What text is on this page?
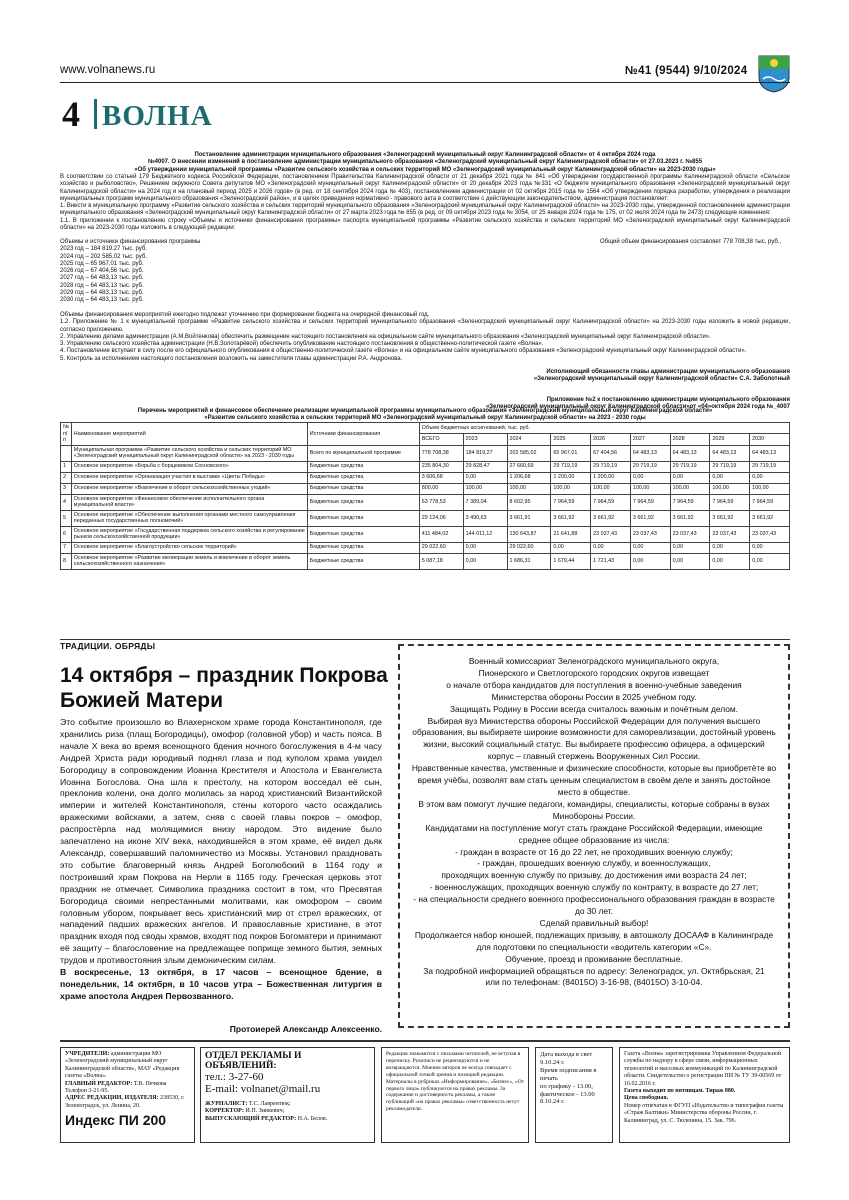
www.volnanews.ru	№41 (9544) 9/10/2024
4 ВОЛНА
Постановление администрации муниципального образования «Зеленоградский муниципальный округ Калининградской области» от 4 октября 2024 года
№4007. О внесении изменений в постановление администрации муниципального образования «Зеленоградский муниципальный округ Калининградской области» от 27.03.2023 г. №855
«Об утверждении муниципальной программы «Развитие сельского хозяйства и сельских территорий МО «Зеленоградский муниципальный округ Калининградской области» на 2023-2030 годы»
В соответствии со статьей 179 Бюджетного кодекса Российской Федерации, постановлением Правительства Калининградской области от 21 декабря 2021 года № 841 «Об утверждении государственной программы Калининградской области «Сельское хозяйство и рыболовство», Решением окружного Совета депутатов МО «Зеленоградский муниципальный округ Калининградской области» от 20 декабря 2023 года №331 «О бюджете муниципального образования «Зеленоградский муниципальный округ Калининградской области» на 2024 год и на плановый период 2025 и 2026 годов» (в ред. от 18 сентября 2024 года № 403), постановлением администрации от 02 октября 2015 года № 1564 «Об утверждении порядка разработки, утверждения и реализации муниципальных программ муниципального образования «Зеленоградский район», и в целях приведения нормативно - правового акта в соответствие с действующим законодательством, администрация постановляет:
1. Внести в муниципальную программу «Развитие сельского хозяйства и сельских территорий муниципального образования «Зеленоградский муниципальный округ Калининградской области» на 2023-2030 годы, утвержденной постановлением администрации муниципального образования «Зеленоградский муниципальный округ Калининградской области» от 27 марта 2023 года № 855 (в ред. от 09 октября 2023 года № 3054, от 25 января 2024 года № 175, от 02 июля 2024 года № 2473) следующие изменения:
1.1. В приложении к постановлению строку «Объемы и источники финансирования программы» паспорта муниципальной программы «Развитие сельского хозяйства и сельских территорий МО «Зеленоградский муниципальный округ Калининградской области» на 2023-2030 годы изложить в следующей редакции:
Объемы и источники финансирования программы
2023 год – 184 819,27 тыс. руб.
2024 год – 202 585,02 тыс. руб.
2025 год – 65 967,01 тыс. руб.
2026 год – 67 404,56 тыс. руб.
2027 год – 64 483,13 тыс. руб.
2028 год – 64 483,13 тыс. руб.
2029 год – 64 483,13 тыс. руб.
2030 год – 64 483,13 тыс. руб.
Общий объем финансирования составляет 778 708,38 тыс. руб.,
Объемы финансирования мероприятий ежегодно подлежат уточнению при формировании бюджета на очередной финансовый год.
1.2. Приложение № 1 к муниципальной программе «Развитие сельского хозяйства и сельских территорий муниципального образования «Зеленоградский муниципальный округ Калининградской области» на 2023-2030 годы изложить в новой редакции, согласно приложению.
2. Управлению делами администрации (А.М.Войтенкова) обеспечить размещение настоящего постановления на официальном сайте муниципального образования «Зеленоградский муниципальный округ Калининградской области».
3. Управлению сельского хозяйства администрации (Н.В.Золотарёвой) обеспечить опубликование настоящего постановления в общественно-политической газете «Волна».
4. Постановление вступает в силу после его официального опубликования в общественно-политической газете «Волна» и на официальном сайте муниципального образования «Зеленоградский муниципальный округ Калининградской области».
5. Контроль за исполнением настоящего постановления возложить на заместителя главы администрации Р.А. Андронова.
Исполняющий обязанности главы администрации муниципального образования
«Зеленоградский муниципальный округ Калининградской области» С.А. Заболотный
Приложение №2 к постановлению администрации муниципального образования
«Зеленоградский муниципальный округ Калининградской области»от «04»октября 2024 года №_4007
Перечень мероприятий и финансовое обеспечение реализации муниципальной программы муниципального образования «Зеленоградский муниципальный округ Калининградской области»
«Развитие сельского хозяйства и сельских территорий МО «Зеленоградский муниципальный округ Калининградской области» на 2023 - 2030 годы
№ п/п	Наименование мероприятий	Источники финансирования	Объем бюджетных ассигнований, тыс. руб.								
			ВСЕГО	2023	2024	2025	2026	2027	2028	2029	2030
	Муниципальная программа «Развитие сельского хозяйства и сельских территорий МО «Зеленоградский муниципальный округ Калининградской области» на 2023 - 2030 годы	Всего по муниципальной программе	778 708,38	184 819,27	202 585,02	65 967,01	67 404,56	64 483,13	64 483,13	64 483,13	64 483,13
1	Основное мероприятие «Борьба с борщевиком Сосновского»	Бюджетные средства	235 804,30	29 828,47	27 660,69	29 719,19	29 719,19	29 719,19	29 719,19	29 719,19	29 719,19
2	Основное мероприятие «Организация участия в выставке «Цветы Победы»	Бюджетные средства	3 606,68	0,00	1 206,68	1 200,00	1 200,00	0,00	0,00	0,00	0,00
3	Основное мероприятие «Вовлечение в оборот сельскохозяйственных угодий»	Бюджетные средства	800,00	100,00	100,00	100,00	100,00	100,00	100,00	100,00	100,00
4	Основное мероприятие «Финансовое обеспечение исполнительного органа муниципальной власти»	Бюджетные средства	63 778,53	7 389,04	8 602,95	7 964,59	7 964,59	7 964,59	7 964,59	7 964,59	7 964,59
5	Основное мероприятие «Обеспечение выполнения органами местного самоуправления переданных государственных полномочий»	Бюджетные средства	29 124,06	3 490,63	3 661,91	3 661,92	3 661,92	3 661,92	3 661,92	3 661,92	3 661,92
6	Основное мероприятие «Государственная поддержка сельского хозяйства и регулирование рынков сельскохозяйственной продукции»	Бюджетные средства	411 484,02	144 011,12	130 643,87	21 641,88	23 037,43	23 037,43	23 037,43	23 037,43	23 037,43
7	Основное мероприятие «Благоустройство сельских территорий»	Бюджетные средства	29 022,60	0,00	29 022,60	0,00	0,00	0,00	0,00	0,00	0,00
8	Основное мероприятие «Развитие мелиорации земель и вовлечение в оборот земель сельскохозяйственного назначения»	Бюджетные средства	5 087,18	0,00	1 686,31	1 679,44	1 721,43	0,00	0,00	0,00	0,00
ТРАДИЦИИ. ОБРЯДЫ
14 октября – праздник Покрова Божией Матери

Это событие произошло во Влахернском храме города Константинополя, где хранились риза (плащ Богородицы), омофор (головной убор) и часть пояса. В начале X века во время всенощного бдения ночного богослужения в 4-м часу Андрей Христа ради юродивый поднял глаза и под куполом храма увидел Богородицу в сопровождении Иоанна Крестителя и Апостола и Евангелиста Иоанна Богослова. Она шла к престолу, на котором восседал её сын, преклонив колени, она долго молилась за народ христианский Византийской империи и жителей Константинополя, стены которого часто осаждались вражескими войсками, а затем, сняв с своей главы покров – омофор, распростёрла над молящимися внизу народом. Это видение было запечатлено на иконе XIV века, находившейся в этом храме, её видел дьяк Александр, совершавший паломничество из Москвы. Установил праздновать это событие благоверный князь Андрей Боголюбский в 1164 году и построивший храм Покрова на Нерли в 1165 году. Греческая церковь этот праздник не отмечает. Символика праздника состоит в том, что Пресвятая Богородица своими непрестанными молитвами, как омофором – своим головным убором, покрывает весь христианский мир от стрел вражеских, от нападений падших вражеских ангелов. И православные христиане, в этот праздник входя под своды храмов, входят под покров Богоматери и принимают её защиту – благословение на предлежащее поприще земного бытия, земных трудов и противостояния злым демоническим силам.

В воскресенье, 13 октября, в 17 часов – всенощное бдение, в понедельник, 14 октября, в 10 часов утра – Божественная литургия в храме апостола Андрея Первозванного.

Протоиерей Александр Алексеенко.

Военный комиссариат Зеленоградского муниципального округа,

Пионерского и Светлогорского городских округов извещает

о начале отбора кандидатов для поступления в военно-учебные заведения

Министерства обороны России в 2025 учебном году.

Защищать Родину в России всегда считалось важным и почётным делом.

Выбирая вуз Министерства обороны Российской Федерации для получения высшего образования, вы выбираете широкие возможности для самореализации, достойный уровень жизни, высокий социальный статус. Вы выбираете профессию офицера, а офицерский корпус – главный стержень Вооруженных Сил России.

Нравственные качества, умственные и физические способности, которые вы приобретёте во время учёбы, позволят вам стать ценным специалистом в своём деле и занять достойное место в обществе.

В этом вам помогут лучшие педагоги, командиры, специалисты, которые собраны в вузах Минобороны России.

Кандидатами на поступление могут стать граждане Российской Федерации, имеющие среднее общее образование из числа:

- граждан в возрасте от 16 до 22 лет, не проходивших военную службу;

- граждан, прошедших военную службу, и военнослужащих,

проходящих военную службу по призыву, до достижения ими возраста 24 лет;

- военнослужащих, проходящих военную службу по контракту, в возрасте до 27 лет;

- на специальности среднего военного профессионального образования граждан в возрасте до 30 лет.

Сделай правильный выбор!

Продолжается набор юношей, подлежащих призыву, в автошколу ДОСААФ в Калининграде для подготовки по специальности «водитель категории «С».

Обучение, проезд и проживание бесплатные.

За подробной информацией обращаться по адресу: Зеленоградск, ул. Октябрьская, 21

или по телефонам: (84015О) 3-16-98, (84015О) 3-10-04.

УЧРЕДИТЕЛИ: администрация МО «Зеленоградский муниципальный округ Калининградской области», МАУ «Редакция газеты «Волна».
ГЛАВНЫЙ РЕДАКТОР: Т.В. Печкова
Телефон 3-21-95.
АДРЕС РЕДАКЦИИ, ИЗДАТЕЛЯ: 238530, г. Зеленоградск, ул. Ленина, 20.
Индекс ПИ 200
ОТДЕЛ РЕКЛАМЫ И ОБЪЯВЛЕНИЙ:
тел.: 3-27-60
E-mail: volnanet@mail.ru
ЖУРНАЛИСТ: Т.С. Лаврентюк;
КОРРЕКТОР: И.П. Зинкевич;
ВЫПУСКАЮЩИЙ РЕДАКТОР: Н.А. Белов.
Редакция знакомится с письмами читателей, не вступая в переписку. Рукописи не рецензируются и не возвращаются. Мнение авторов не всегда совпадает с официальной точкой зрения и позицией редакции. Материалы в рубриках «Информирование», «Бизнес», «От первого лица» публикуются на правах рекламы. За содержание и достоверность рекламы, а также публикаций «на правах рекламы» ответственность несут рекламодатели.
Дата выхода в свет 9.10.24 г.
Время подписания в печать
по графику - 13.00,
фактическое - 13.00
8.10.24 г.
Газета «Волна» зарегистрирована Управлением Федеральной службы по надзору в сфере связи, информационных технологий и массовых коммуникаций по Калининградской области. Свидетельство о регистрации ПИ № ТУ 39-00569 от 16.02.2016 г.
Газета выходит по пятницам. Тираж 880.
Цена свободная.
Номер отпечатан в ФГУП «Издательство и типография газеты «Страж Балтики» Министерства обороны России, г. Калининград, ул. С. Тюленина, 15. Зак. 796.
